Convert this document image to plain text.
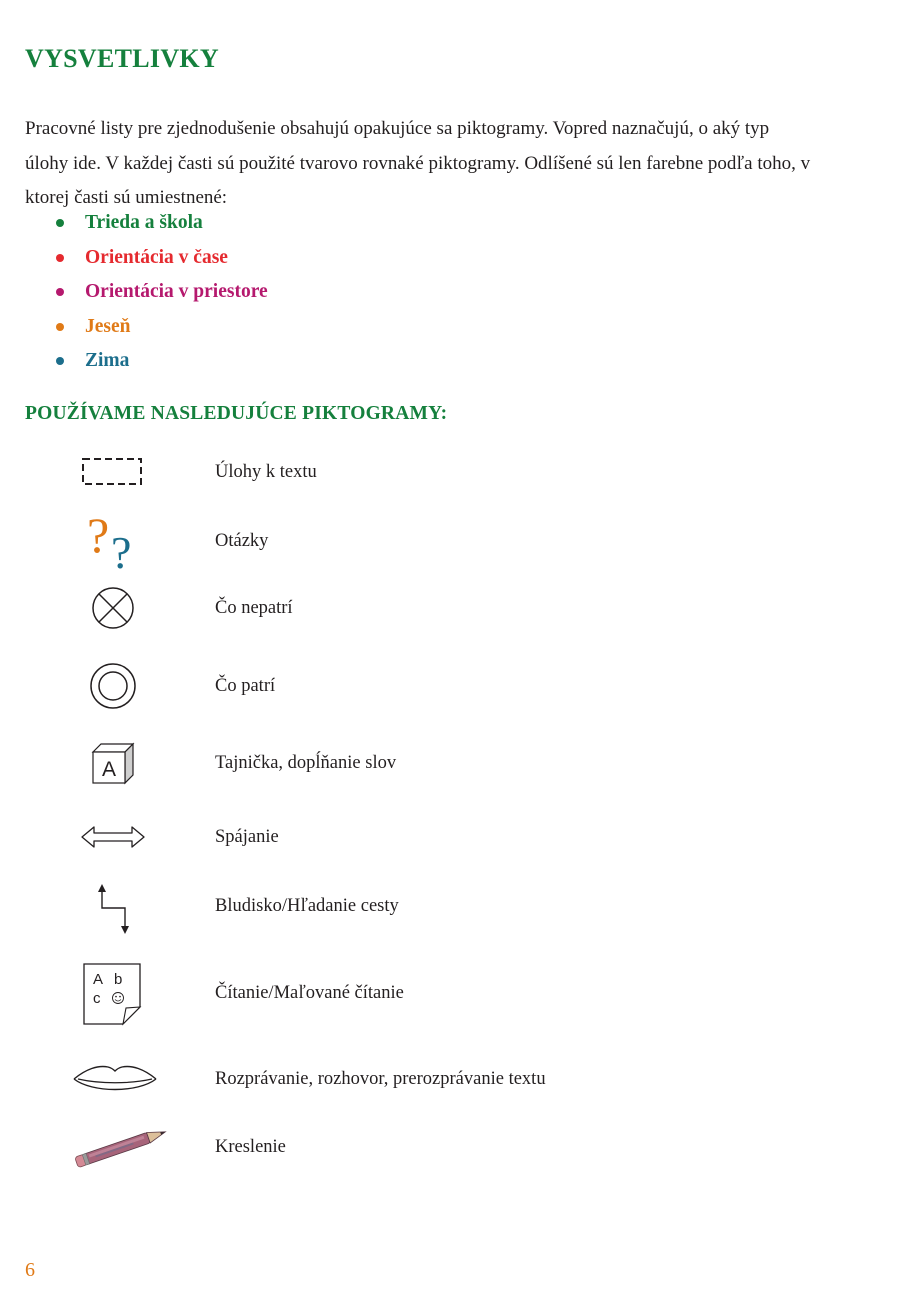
VYSVETLIVKY

Pracovné listy pre zjednodušenie obsahujú opakujúce sa piktogramy. Vopred naznačujú, o aký typ úlohy ide. V každej časti sú použité tvarovo rovnaké piktogramy. Odlíšené sú len farebne podľa toho, v ktorej časti sú umiestnené:

Trieda a škola
Orientácia v čase
Orientácia v priestore
Jeseň
Zima
POUŽÍVAME NASLEDUJÚCE PIKTOGRAMY:
Úlohy k textu
? ?	Otázky
Čo nepatrí
Čo patrí
A	Tajnička, dopĺňanie slov
Spájanie
Bludisko/Hľadanie cesty
A b
c	Čítanie/Maľované čítanie
Rozprávanie, rozhovor, prerozprávanie textu
Kreslenie
6
